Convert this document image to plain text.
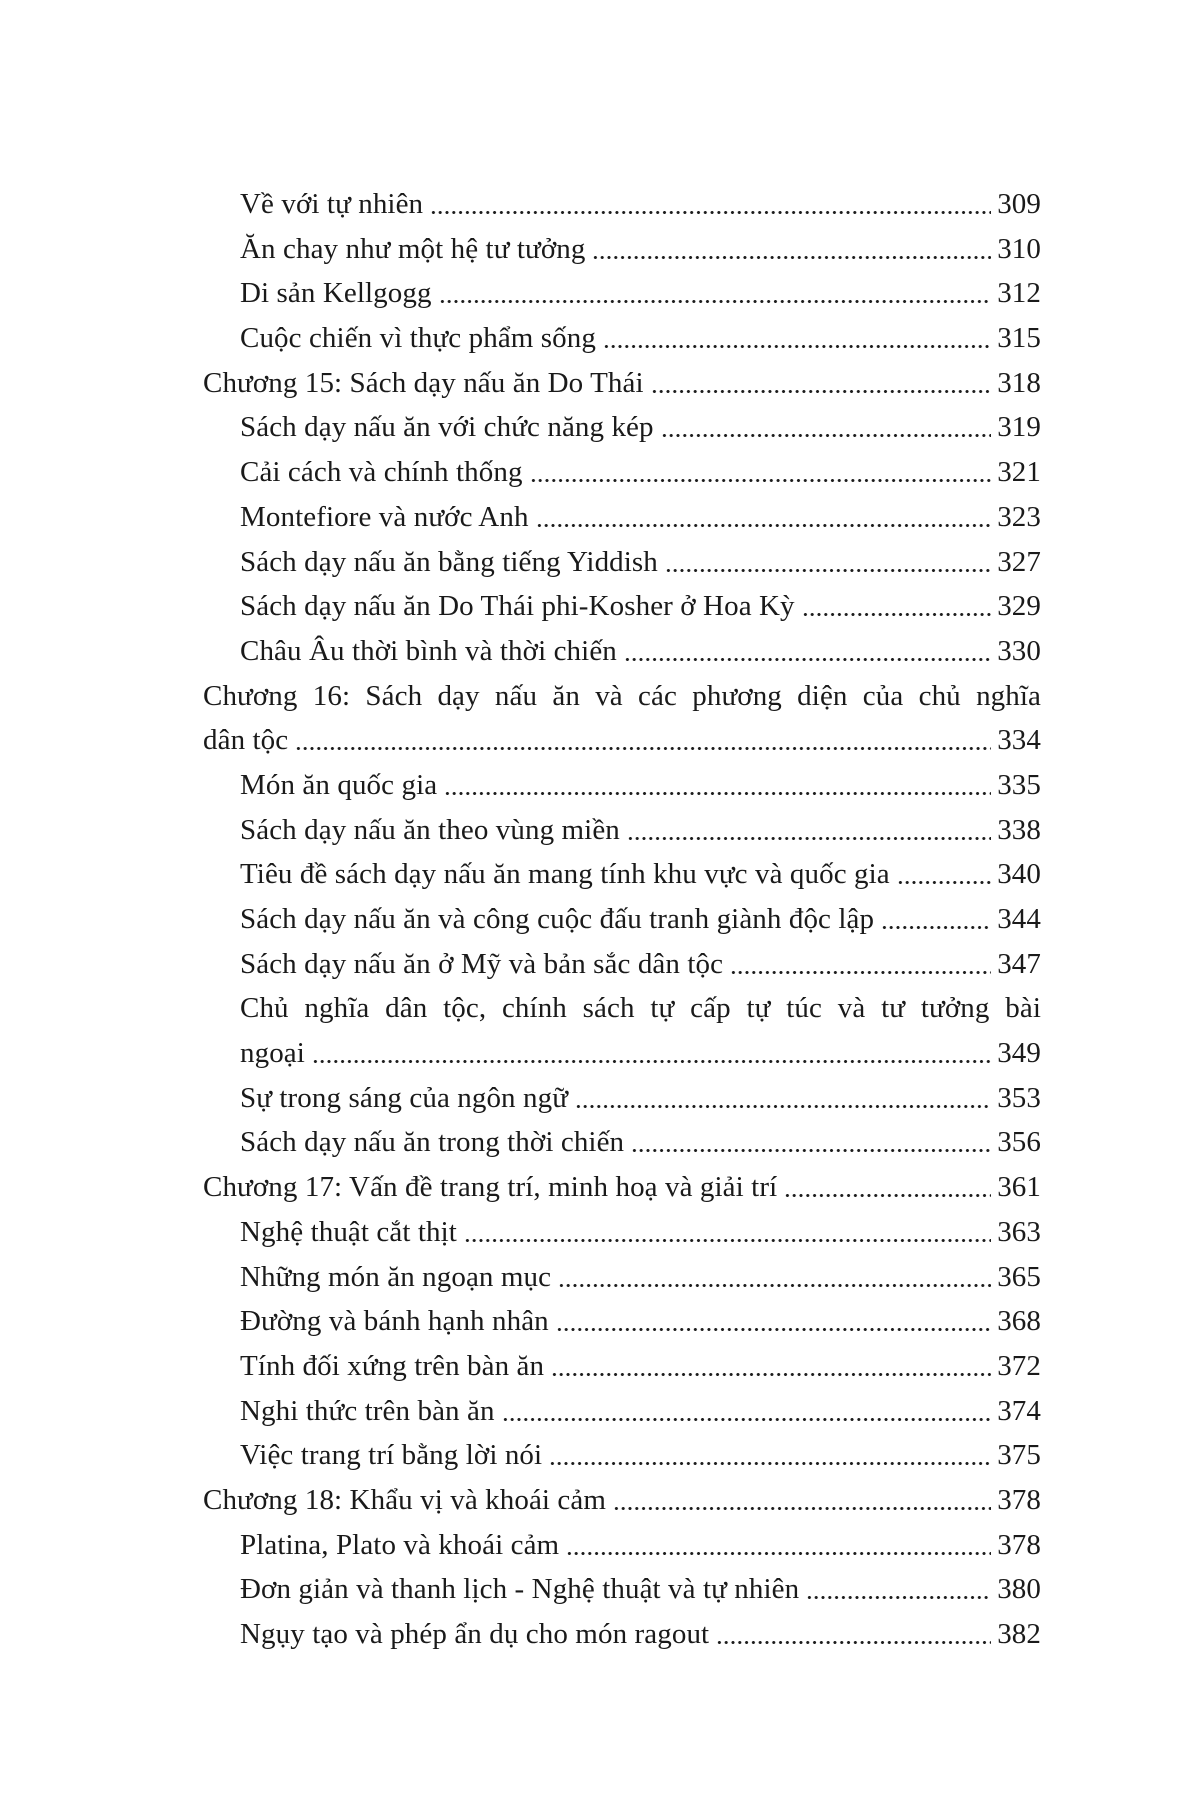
Về với tự nhiên	309
Ăn chay như một hệ tư tưởng	310
Di sản Kellgogg	312
Cuộc chiến vì thực phẩm sống	315
Chương 15: Sách dạy nấu ăn Do Thái	318
Sách dạy nấu ăn với chức năng kép	319
Cải cách và chính thống	321
Montefiore và nước Anh	323
Sách dạy nấu ăn bằng tiếng Yiddish	327
Sách dạy nấu ăn Do Thái phi-Kosher ở Hoa Kỳ	329
Châu Âu thời bình và thời chiến	330
Chương 16: Sách dạy nấu ăn và các phương diện của chủ nghĩa
dân tộc	334
Món ăn quốc gia	335
Sách dạy nấu ăn theo vùng miền	338
Tiêu đề sách dạy nấu ăn mang tính khu vực và quốc gia	340
Sách dạy nấu ăn và công cuộc đấu tranh giành độc lập	344
Sách dạy nấu ăn ở Mỹ và bản sắc dân tộc	347
Chủ nghĩa dân tộc, chính sách tự cấp tự túc và tư tưởng bài
ngoại	349
Sự trong sáng của ngôn ngữ	353
Sách dạy nấu ăn trong thời chiến	356
Chương 17: Vấn đề trang trí, minh hoạ và giải trí	361
Nghệ thuật cắt thịt	363
Những món ăn ngoạn mục	365
Đường và bánh hạnh nhân	368
Tính đối xứng trên bàn ăn	372
Nghi thức trên bàn ăn	374
Việc trang trí bằng lời nói	375
Chương 18: Khẩu vị và khoái cảm	378
Platina, Plato và khoái cảm	378
Đơn giản và thanh lịch - Nghệ thuật và tự nhiên	380
Ngụy tạo và phép ẩn dụ cho món ragout	382
